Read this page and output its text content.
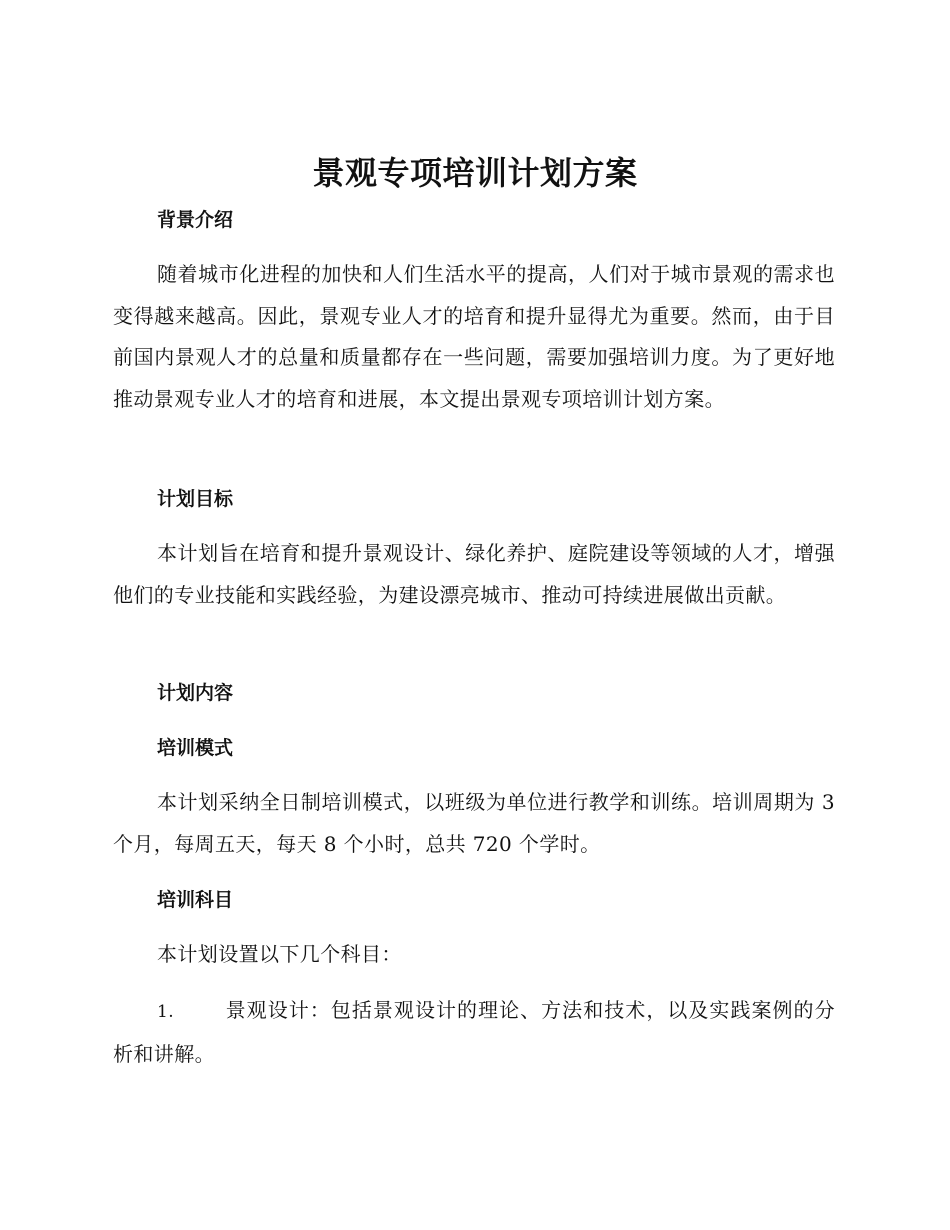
景观专项培训计划方案
背景介绍

随着城市化进程的加快和人们生活水平的提高，人们对于城市景观的需求也变得越来越高。因此，景观专业人才的培育和提升显得尤为重要。然而，由于目前国内景观人才的总量和质量都存在一些问题，需要加强培训力度。为了更好地推动景观专业人才的培育和进展，本文提出景观专项培训计划方案。

计划目标

本计划旨在培育和提升景观设计、绿化养护、庭院建设等领域的人才，增强他们的专业技能和实践经验，为建设漂亮城市、推动可持续进展做出贡献。

计划内容
培训模式

本计划采纳全日制培训模式，以班级为单位进行教学和训练。培训周期为 3 个月，每周五天，每天 8 个小时，总共 720 个学时。

培训科目

本计划设置以下几个科目：

1.	景观设计：包括景观设计的理论、方法和技术，以及实践案例的分析和讲解。
